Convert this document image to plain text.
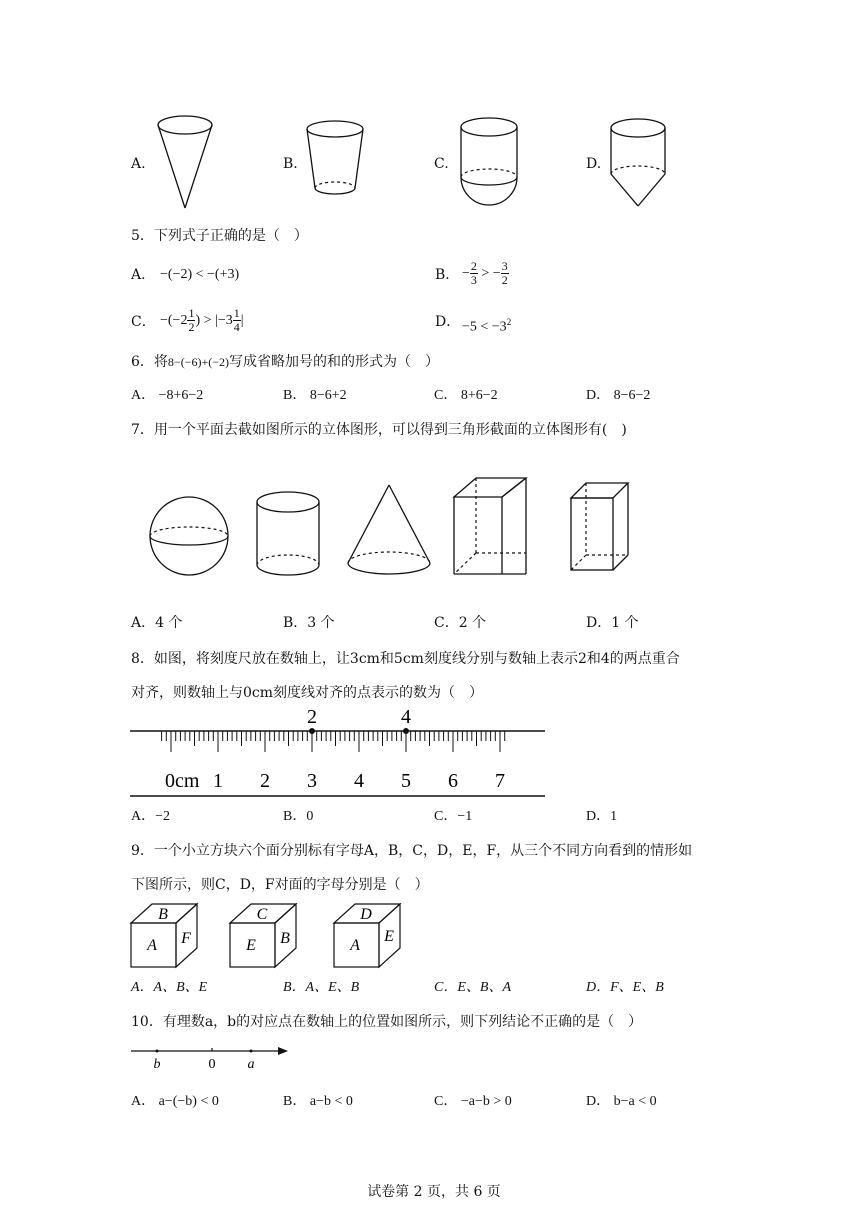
A.	B.	C.	D.
5．下列式子正确的是（　）
A． −(−2) < −(+3)	B． − $\frac{2}{3}$ > − $\frac{3}{2}$
C． $-(-2 \frac{1}{2}$ ) > $|-3 \frac{1}{4}$ |	D． $-5 < -3^2$
6．将8−(−6)+(−2)写成省略加号的和的形式为（　）
A． −8+6−2	B． 8−6+2	C． 8+6−2	D． 8−6−2
7．用一个平面去截如图所示的立体图形，可以得到三角形截面的立体图形有(　)
A．4 个	B．3 个	C．2 个	D．1 个
8．如图，将刻度尺放在数轴上，让3cm和5cm刻度线分别与数轴上表示2和4的两点重合
对齐，则数轴上与0cm刻度线对齐的点表示的数为（　）
2	4
0cm 1 2 3 4 5 6 7
A．−2	B．0	C．−1	D．1
9．一个小立方块六个面分别标有字母A，B，C，D，E，F，从三个不同方向看到的情形如
下图所示，则C，D，F对面的字母分别是（　）
B
A F
C
E B
D
A
E
A．A、B、E	B．A、E、B	C．E、B、A	D．F、E、B
10．有理数a，b的对应点在数轴上的位置如图所示，则下列结论不正确的是（　）
b	0 a
A． a−(−b) < 0	B． a−b < 0	C． −a−b > 0	D． b−a < 0
试卷第 2 页，共 6 页
